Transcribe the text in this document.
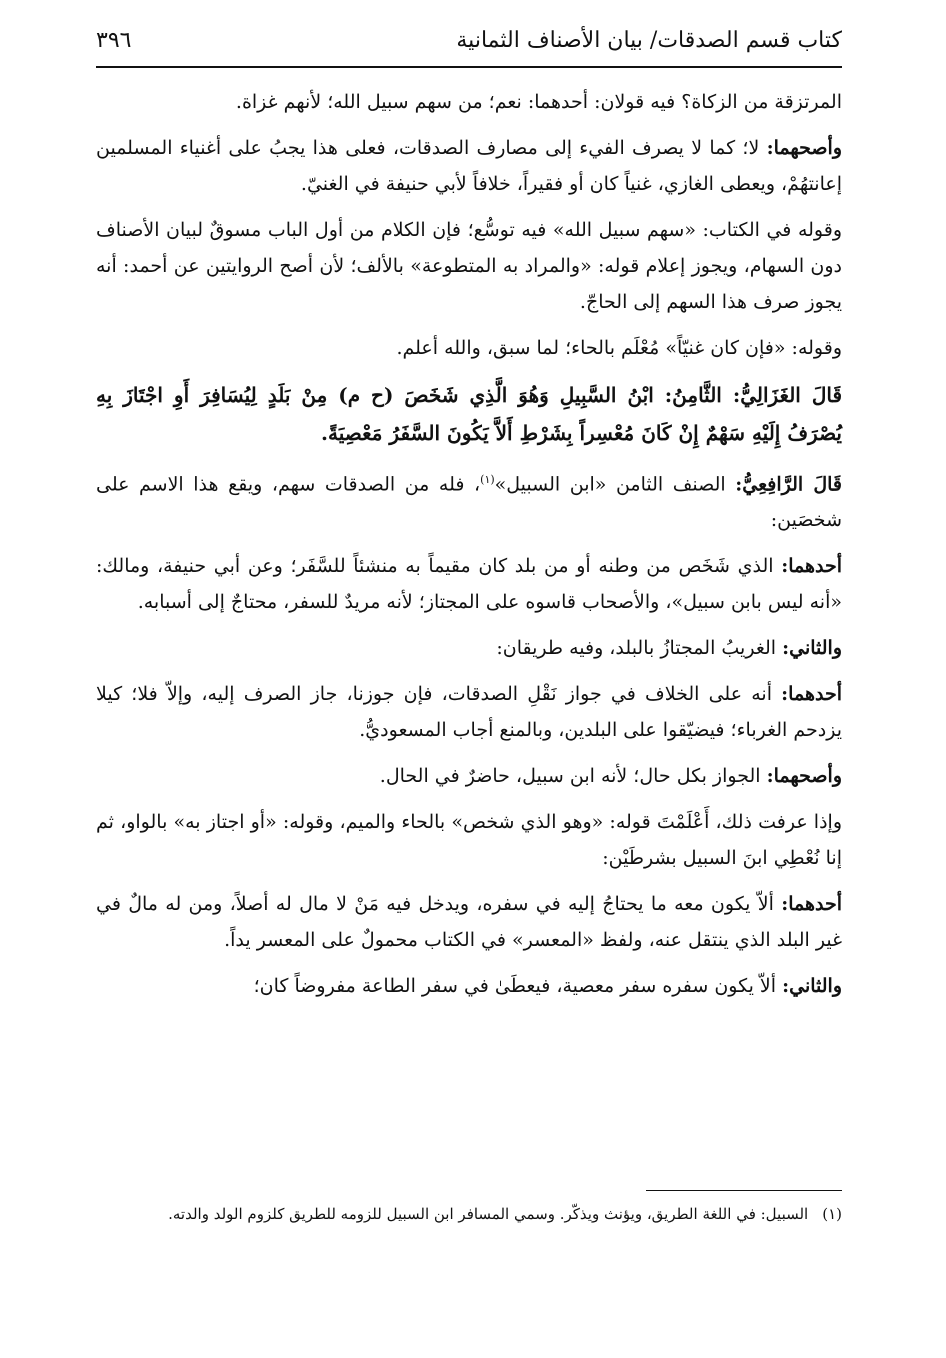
كتاب قسم الصدقات/ بيان الأصناف الثمانية
٣٩٦

المرتزقة من الزكاة؟ فيه قولان: أحدهما: نعم؛ من سهم سبيل الله؛ لأنهم غزاة.

وأصحهما: لا؛ كما لا يصرف الفيء إلى مصارف الصدقات، فعلى هذا يجبُ على أغنياء المسلمين إعانتهُمْ، ويعطى الغازي، غنياً كان أو فقيراً، خلافاً لأبي حنيفة في الغنيّ.

وقوله في الكتاب: «سهم سبيل الله» فيه توسُّع؛ فإن الكلام من أول الباب مسوقٌ لبيان الأصناف دون السهام، ويجوز إعلام قوله: «والمراد به المتطوعة» بالألف؛ لأن أصح الروايتين عن أحمد: أنه يجوز صرف هذا السهم إلى الحاجّ.

وقوله: «فإن كان غنيّاً» مُعْلَم بالحاء؛ لما سبق، والله أعلم.

قَالَ الغَزَالِيُّ: الثَّامِنُ: ابْنُ السَّبِيلِ وَهُوَ الَّذِي شَخَصَ (ح م) مِنْ بَلَدٍ لِيُسَافِرَ أَوِ اجْتَازَ بِهِ يُصْرَفُ إِلَيْهِ سَهْمٌ إِنْ كَانَ مُعْسِراً بِشَرْطِ أَلاَّ يَكُونَ السَّفَرُ مَعْصِيَةً.

قَالَ الرَّافِعِيُّ: الصنف الثامن «ابن السبيل»$^{(١)}$، فله من الصدقات سهم، ويقع هذا الاسم على شخصَين:

أحدهما: الذي شَخَص من وطنه أو من بلد كان مقيماً به منشئاً للسَّفَر؛ وعن أبي حنيفة، ومالك: «أنه ليس بابن سبيل»، والأصحاب قاسوه على المجتاز؛ لأنه مريدٌ للسفر، محتاجٌ إلى أسبابه.

والثاني: الغريبُ المجتازُ بالبلد، وفيه طريقان:

أحدهما: أنه على الخلاف في جواز نَقْلِ الصدقات، فإن جوزنا، جاز الصرف إليه، وإلاّ فلا؛ كيلا يزدحم الغرباء؛ فيضيّقوا على البلدين، وبالمنع أجاب المسعوديُّ.

وأصحهما: الجواز بكل حال؛ لأنه ابن سبيل، حاضرٌ في الحال.

وإذا عرفت ذلك، أَعْلَمْتَ قوله: «وهو الذي شخص» بالحاء والميم، وقوله: «أو اجتاز به» بالواو، ثم إنا نُعْطِي ابنَ السبيل بشرطَيْن:

أحدهما: ألاّ يكون معه ما يحتاجُ إليه في سفره، ويدخل فيه مَنْ لا مال له أصلاً، ومن له مالٌ في غير البلد الذي ينتقل عنه، ولفظ «المعسر» في الكتاب محمولٌ على المعسر يداً.

والثاني: ألاّ يكون سفره سفر معصية، فيعطَىٰ في سفر الطاعة مفروضاً كان؛

(١)السبيل: في اللغة الطريق، ويؤنث ويذكّر. وسمي المسافر ابن السبيل للزومه للطريق كلزوم الولد والدته.
